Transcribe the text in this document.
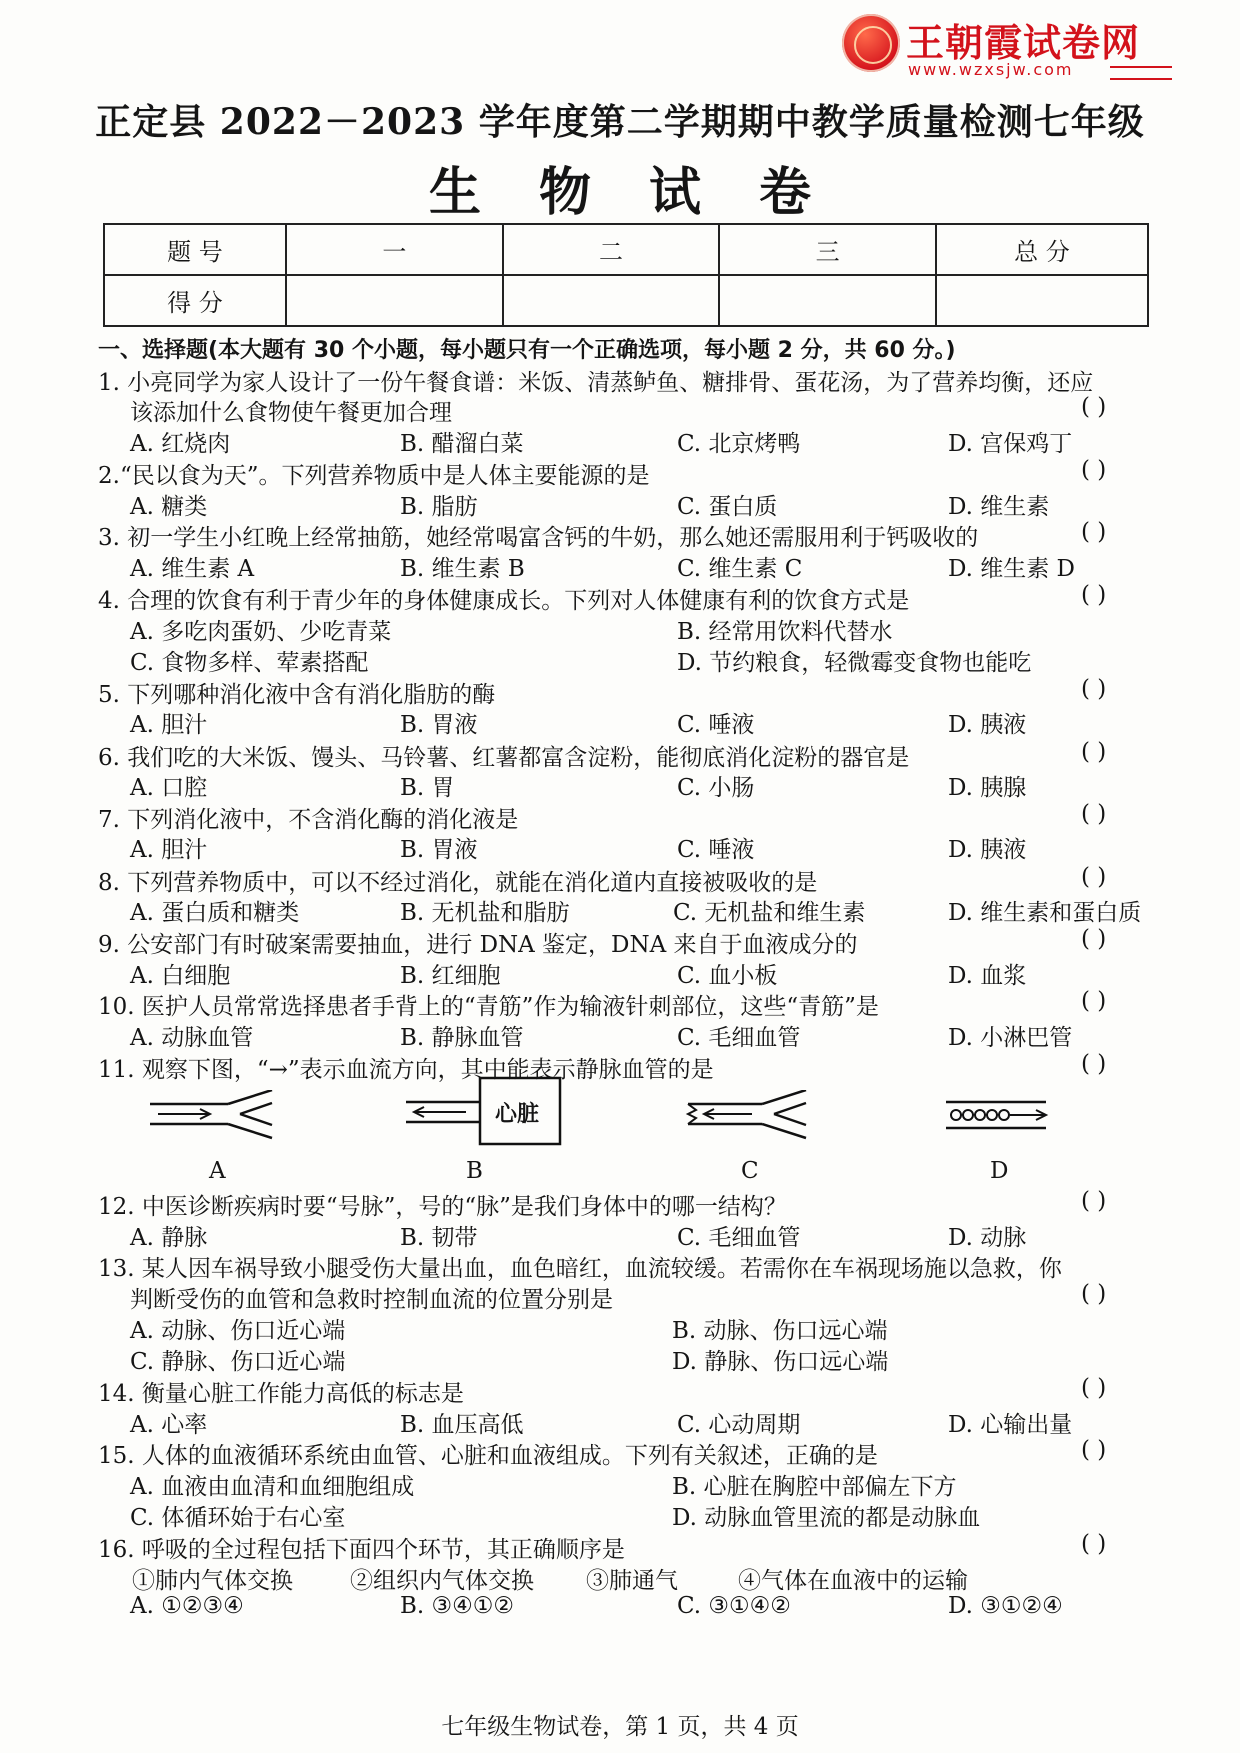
王朝霞试卷网
www.wzxsjw.com
正定县 2022－2023 学年度第二学期期中教学质量检测七年级
生物试卷
题 号	一	二	三	总 分
得 分				
一、选择题(本大题有 30 个小题，每小题只有一个正确选项，每小题 2 分，共 60 分。)
1. 小亮同学为家人设计了一份午餐食谱：米饭、清蒸鲈鱼、糖排骨、蛋花汤，为了营养均衡，还应
该添加什么食物使午餐更加合理	( )
A. 红烧肉	B. 醋溜白菜	C. 北京烤鸭	D. 宫保鸡丁
2.“民以食为天”。下列营养物质中是人体主要能源的是	( )
A. 糖类	B. 脂肪	C. 蛋白质	D. 维生素
3. 初一学生小红晚上经常抽筋，她经常喝富含钙的牛奶，那么她还需服用利于钙吸收的	( )
A. 维生素 A	B. 维生素 B	C. 维生素 C	D. 维生素 D
4. 合理的饮食有利于青少年的身体健康成长。下列对人体健康有利的饮食方式是	( )
A. 多吃肉蛋奶、少吃青菜	B. 经常用饮料代替水
C. 食物多样、荤素搭配	D. 节约粮食，轻微霉变食物也能吃
5. 下列哪种消化液中含有消化脂肪的酶	( )
A. 胆汁	B. 胃液	C. 唾液	D. 胰液
6. 我们吃的大米饭、馒头、马铃薯、红薯都富含淀粉，能彻底消化淀粉的器官是	( )
A. 口腔	B. 胃	C. 小肠	D. 胰腺
7. 下列消化液中，不含消化酶的消化液是	( )
A. 胆汁	B. 胃液	C. 唾液	D. 胰液
8. 下列营养物质中，可以不经过消化，就能在消化道内直接被吸收的是	( )
A. 蛋白质和糖类	B. 无机盐和脂肪	C. 无机盐和维生素	D. 维生素和蛋白质
9. 公安部门有时破案需要抽血，进行 DNA 鉴定，DNA 来自于血液成分的	( )
A. 白细胞	B. 红细胞	C. 血小板	D. 血浆
10. 医护人员常常选择患者手背上的“青筋”作为输液针刺部位，这些“青筋”是	( )
A. 动脉血管	B. 静脉血管	C. 毛细血管	D. 小淋巴管
11. 观察下图，“→”表示血流方向，其中能表示静脉血管的是	( )
A
心脏
B	C	D
12. 中医诊断疾病时要“号脉”，号的“脉”是我们身体中的哪一结构？	( )
A. 静脉	B. 韧带	C. 毛细血管	D. 动脉
13. 某人因车祸导致小腿受伤大量出血，血色暗红，血流较缓。若需你在车祸现场施以急救，你
判断受伤的血管和急救时控制血流的位置分别是	( )
A. 动脉、伤口近心端	B. 动脉、伤口远心端
C. 静脉、伤口近心端	D. 静脉、伤口远心端
14. 衡量心脏工作能力高低的标志是	( )
A. 心率	B. 血压高低	C. 心动周期	D. 心输出量
15. 人体的血液循环系统由血管、心脏和血液组成。下列有关叙述，正确的是	( )
A. 血液由血清和血细胞组成	B. 心脏在胸腔中部偏左下方
C. 体循环始于右心室	D. 动脉血管里流的都是动脉血
16. 呼吸的全过程包括下面四个环节，其正确顺序是	( )
①肺内气体交换 ②组织内气体交换 ③肺通气	④气体在血液中的运输
A. ①②③④	B. ③④①②	C. ③①④②	D. ③①②④
七年级生物试卷，第 1 页，共 4 页
